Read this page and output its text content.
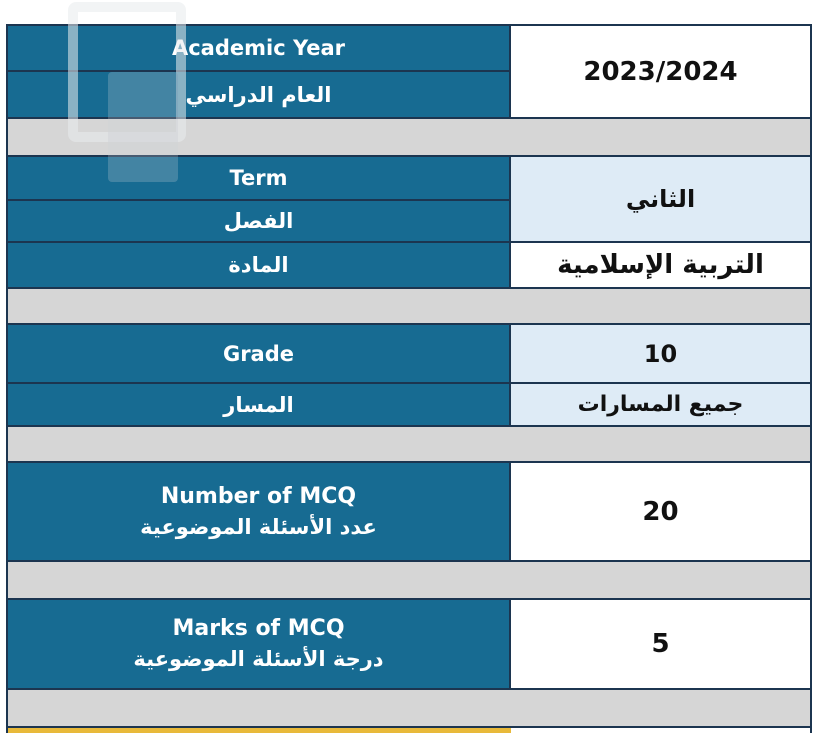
Academic Year
العام الدراسي
2023/2024
Term
الفصل
المادة
الثاني
التربية الإسلامية
Grade
المسار
10
جميع المسارات
Number of MCQ
عدد الأسئلة الموضوعية	20
Marks of MCQ
درجة الأسئلة الموضوعية	5
